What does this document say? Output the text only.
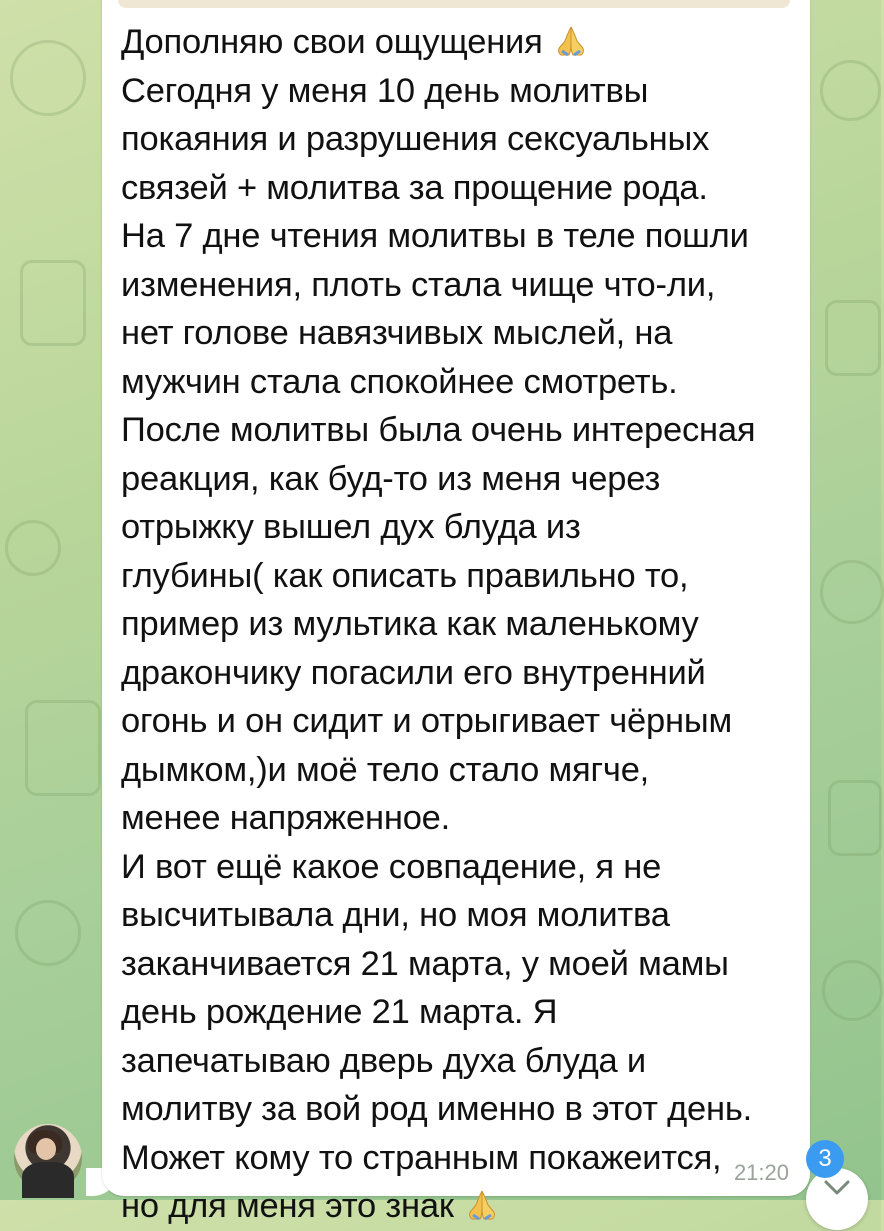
Дополняю свои ощущения
Сегодня у меня 10 день молитвы
покаяния и разрушения сексуальных
связей + молитва за прощение рода.
На 7 дне чтения молитвы в теле пошли
изменения, плоть стала чище что-ли,
нет голове навязчивых мыслей, на
мужчин стала спокойнее смотреть.
После молитвы была очень интересная
реакция, как буд-то из меня через
отрыжку вышел дух блуда из
глубины( как описать правильно то,
пример из мультика как маленькому
дракончику погасили его внутренний
огонь и он сидит и отрыгивает чёрным
дымком,)и моё тело стало мягче,
менее напряженное.
И вот ещё какое совпадение, я не
высчитывала дни, но моя молитва
заканчивается 21 марта, у моей мамы
день рождение 21 марта. Я
запечатываю дверь духа блуда и
молитву за вой род именно в этот день.
Может кому то странным покажеится,
но для меня это знак
21:20
3
